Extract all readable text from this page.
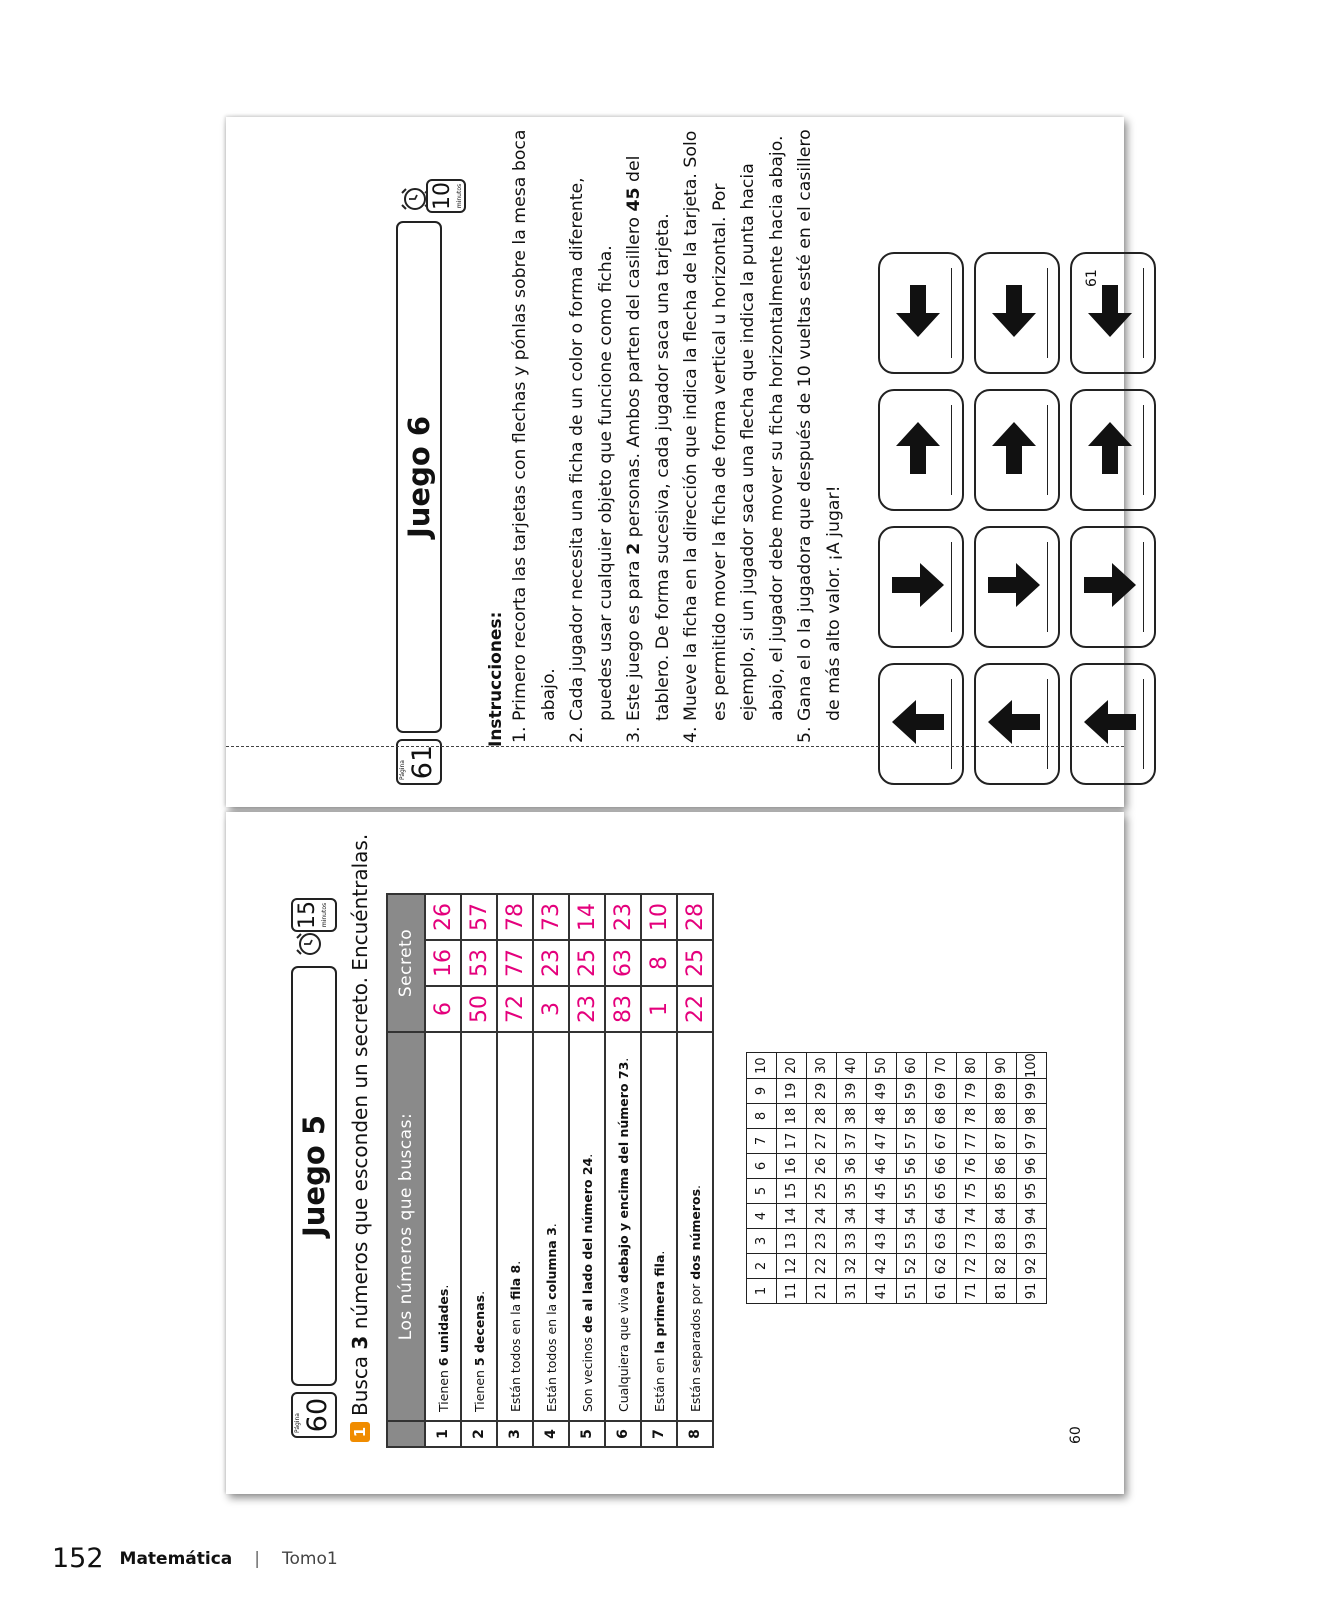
Página 61
Juego 6
10 minutos
Instrucciones: 1. Primero recorta las tarjetas con flechas y pónlas sobre la mesa boca abajo. 2. Cada jugador necesita una ficha de un color o forma diferente, puedes usar cualquier objeto que funcione como ficha. 3. Este juego es para 2 personas. Ambos parten del casillero 45 del tablero. De forma sucesiva, cada jugador saca una tarjeta. 4. Mueve la ficha en la dirección que indica la flecha de la tarjeta. Solo es permitido mover la ficha de forma vertical u horizontal. Por ejemplo, si un jugador saca una flecha que indica la punta hacia abajo, el jugador debe mover su ficha horizontalmente hacia abajo. 5. Gana el o la jugadora que después de 10 vueltas esté en el casillero de más alto valor. ¡A jugar!
61
Página 60
Juego 5
15 minutos
1Busca 3 números que esconden un secreto. Encuéntralas.
	Los números que buscas:	Secreto		
1	Tienen 6 unidades.	6	16	26
2	Tienen 5 decenas.	50	53	57
3	Están todos en la fila 8.	72	77	78
4	Están todos en la columna 3.	3	23	73
5	Son vecinos de al lado del número 24.	23	25	14
6	Cualquiera que viva debajo y encima del número 73.	83	63	23
7	Están en la primera fila.	1	8	10
8	Están separados por dos números.	22	25	28
1	2	3	4	5	6	7	8	9	10
11	12	13	14	15	16	17	18	19	20
21	22	23	24	25	26	27	28	29	30
31	32	33	34	35	36	37	38	39	40
41	42	43	44	45	46	47	48	49	50
51	52	53	54	55	56	57	58	59	60
61	62	63	64	65	66	67	68	69	70
71	72	73	74	75	76	77	78	79	80
81	82	83	84	85	86	87	88	89	90
91	92	93	94	95	96	97	98	99	100
60
152 Matemática | Tomo1
